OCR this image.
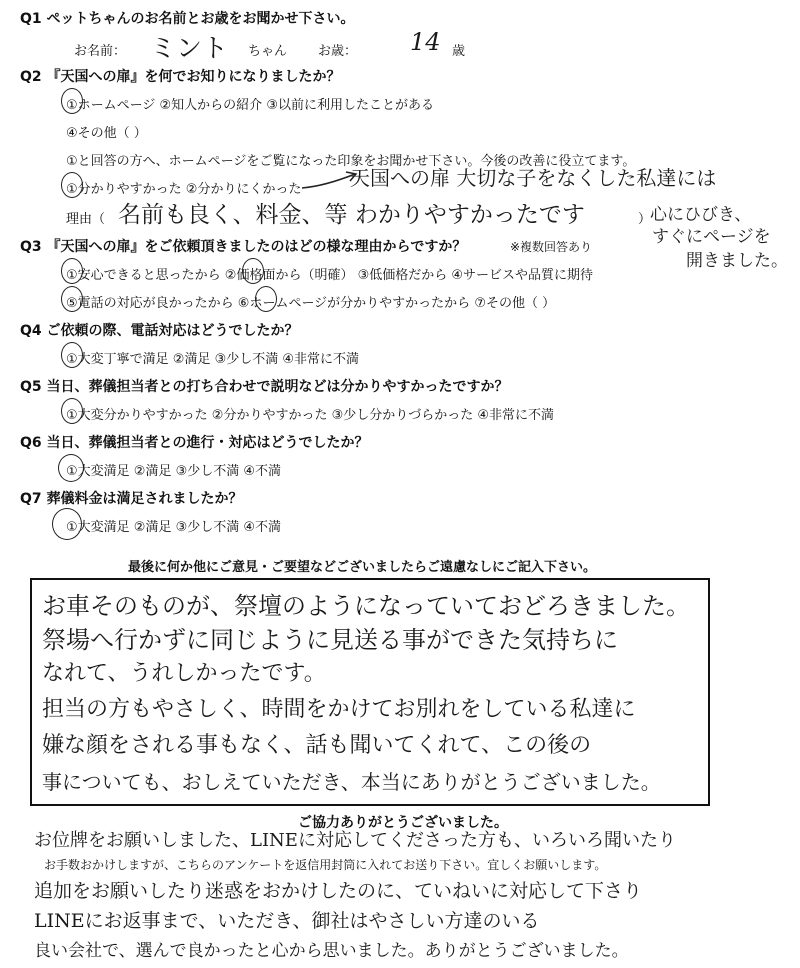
Q1 ペットちゃんのお名前とお歳をお聞かせ下さい。
お名前： ミント ちゃん お歳： 14 歳
Q2 『天国への扉』を何でお知りになりましたか？
①ホームページ ②知人からの紹介 ③以前に利用したことがある
④その他（ ）
①と回答の方へ、ホームページをご覧になった印象をお聞かせ下さい。今後の改善に役立てます。
①分かりやすかった ②分かりにくかった 天国への扉 大切な子をなくした私達には
理由（ 名前も良く、料金、等 わかりやすかったです	）
心にひびき、
すぐにページを
開きました。
Q3 『天国への扉』をご依頼頂きましたのはどの様な理由からですか？	※複数回答あり
①安心できると思ったから ②価格面から（明確） ③低価格だから ④サービスや品質に期待
⑤電話の対応が良かったから ⑥ホームページが分かりやすかったから ⑦その他（ ）
Q4 ご依頼の際、電話対応はどうでしたか？
①大変丁寧で満足 ②満足 ③少し不満 ④非常に不満
Q5 当日、葬儀担当者との打ち合わせで説明などは分かりやすかったですか？
①大変分かりやすかった ②分かりやすかった ③少し分かりづらかった ④非常に不満
Q6 当日、葬儀担当者との進行・対応はどうでしたか？
①大変満足 ②満足 ③少し不満 ④不満
Q7 葬儀料金は満足されましたか？
①大変満足 ②満足 ③少し不満 ④不満
最後に何か他にご意見・ご要望などございましたらご遠慮なしにご記入下さい。
お車そのものが、祭壇のようになっていておどろきました。
祭場へ行かずに同じように見送る事ができた気持ちに
なれて、うれしかったです。
担当の方もやさしく、時間をかけてお別れをしている私達に
嫌な顔をされる事もなく、話も聞いてくれて、この後の
事についても、おしえていただき、本当にありがとうございました。
ご協力ありがとうございました。
お位牌をお願いしました、LINEに対応してくださった方も、いろいろ聞いたり
お手数おかけしますが、こちらのアンケートを返信用封筒に入れてお送り下さい。宜しくお願いします。
追加をお願いしたり迷惑をおかけしたのに、ていねいに対応して下さり
LINEにお返事まで、いただき、御社はやさしい方達のいる
良い会社で、選んで良かったと心から思いました。ありがとうございました。
